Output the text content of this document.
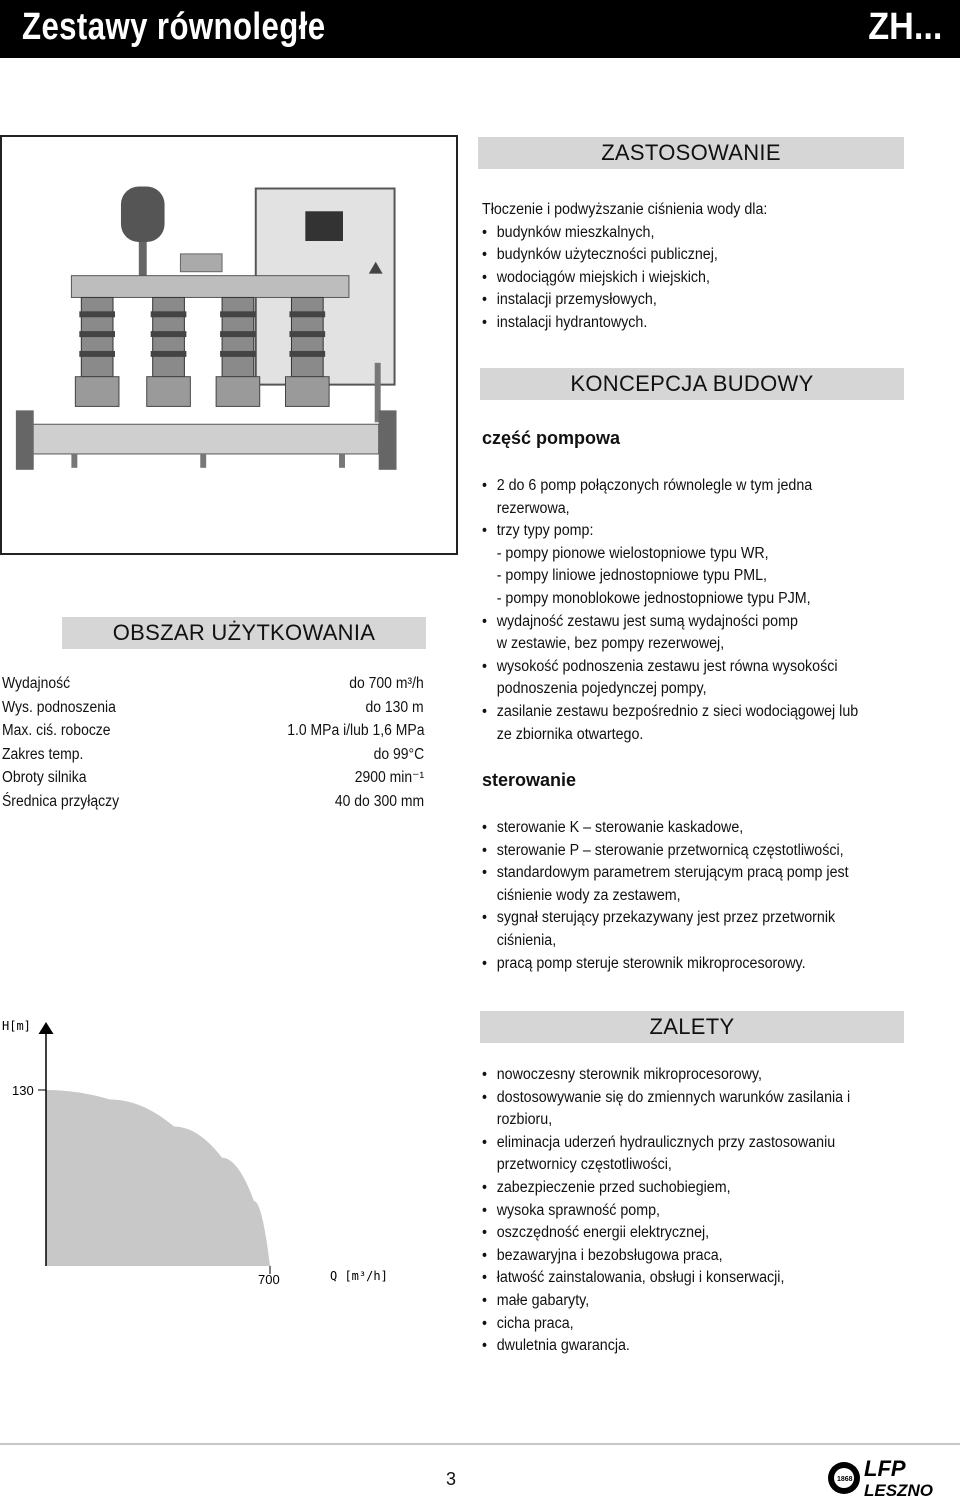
Zestawy równoległe	ZH...
ZASTOSOWANIE
Tłoczenie i podwyższanie ciśnienia wody dla:
• budynków mieszkalnych,
• budynków użyteczności publicznej,
• wodociągów miejskich i wiejskich,
• instalacji przemysłowych,
• instalacji hydrantowych.
KONCEPCJA BUDOWY
część pompowa
• 2 do 6 pomp połączonych równolegle w tym jedna
rezerwowa,
• trzy typy pomp:
- pompy pionowe wielostopniowe typu WR,
- pompy liniowe jednostopniowe typu PML,
- pompy monoblokowe jednostopniowe typu PJM,
• wydajność zestawu jest sumą wydajności pomp
w zestawie, bez pompy rezerwowej,
• wysokość podnoszenia zestawu jest równa wysokości
podnoszenia pojedynczej pompy,
• zasilanie zestawu bezpośrednio z sieci wodociągowej lub
ze zbiornika otwartego.
sterowanie
• sterowanie K – sterowanie kaskadowe,
• sterowanie P – sterowanie przetwornicą częstotliwości,
• standardowym parametrem sterującym pracą pomp jest
ciśnienie wody za zestawem,
• sygnał sterujący przekazywany jest przez przetwornik
ciśnienia,
• pracą pomp steruje sterownik mikroprocesorowy.
OBSZAR UŻYTKOWANIA
Wydajność	do 700 m³/h
Wys. podnoszenia	do 130 m
Max. ciś. robocze	1.0 MPa i/lub 1,6 MPa
Zakres temp.	do 99°C
Obroty silnika	2900 min⁻¹
Średnica przyłączy	40 do 300 mm
H[m]
Q [m³/h]
130
700
ZALETY
• nowoczesny sterownik mikroprocesorowy,
• dostosowywanie się do zmiennych warunków zasilania i
rozbioru,
• eliminacja uderzeń hydraulicznych przy zastosowaniu
przetwornicy częstotliwości,
• zabezpieczenie przed suchobiegiem,
• wysoka sprawność pomp,
• oszczędność energii elektrycznej,
• bezawaryjna i bezobsługowa praca,
• łatwość zainstalowania, obsługi i konserwacji,
• małe gabaryty,
• cicha praca,
• dwuletnia gwarancja.
3	1868 LFP
LESZNO
